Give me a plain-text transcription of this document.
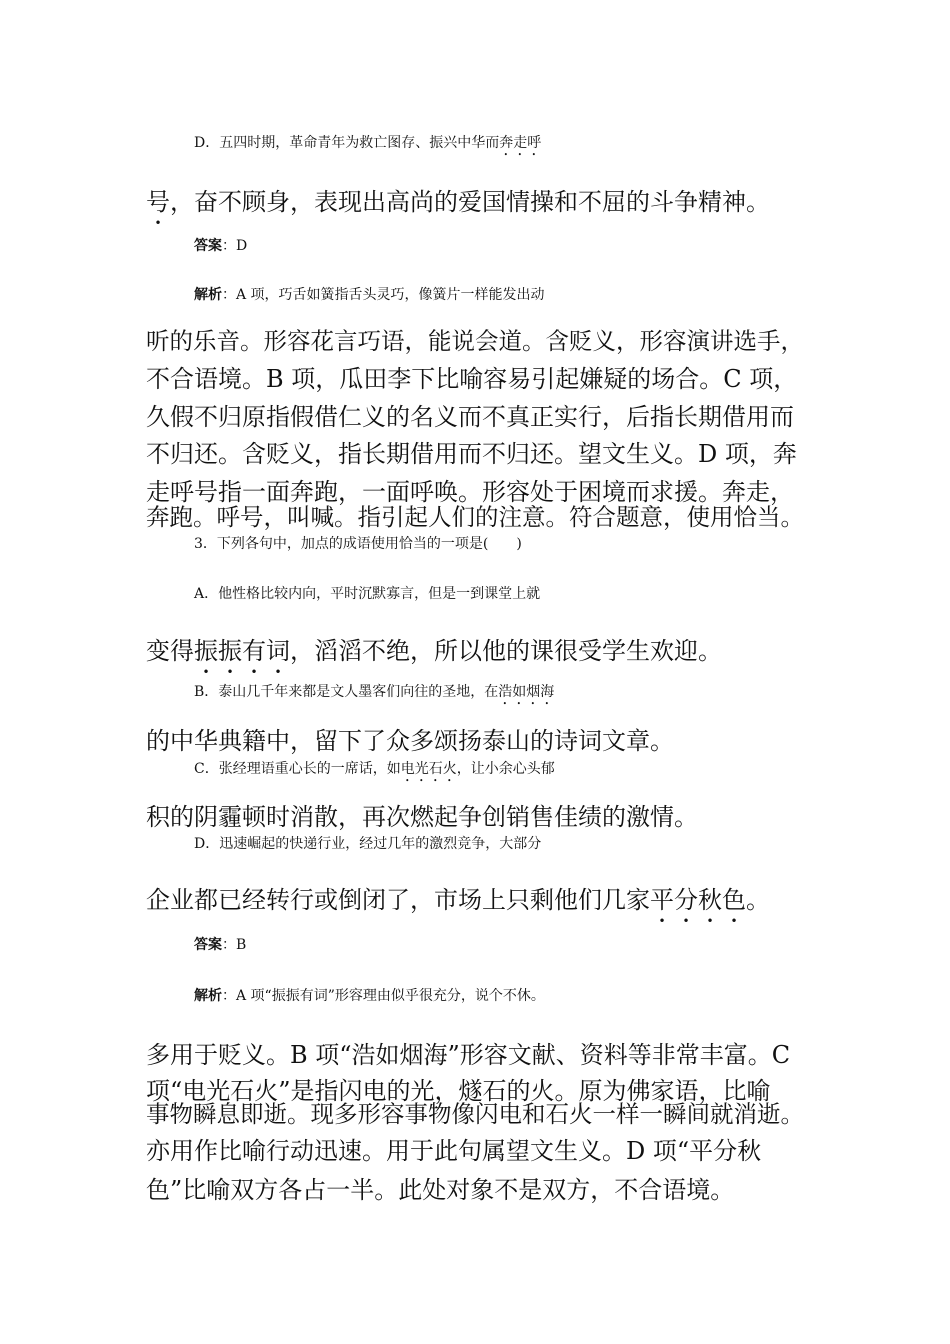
D．五四时期，革命青年为救亡图存、振兴中华而奔走呼

号，奋不顾身，表现出高尚的爱国情操和不屈的斗争精神。

答案：D

解析：A 项，巧舌如簧指舌头灵巧，像簧片一样能发出动

听的乐音。形容花言巧语，能说会道。含贬义，形容演讲选手，

不合语境。B 项，瓜田李下比喻容易引起嫌疑的场合。C 项，

久假不归原指假借仁义的名义而不真正实行，后指长期借用而

不归还。含贬义，指长期借用而不归还。望文生义。D 项，奔

走呼号指一面奔跑，一面呼唤。形容处于困境而求援。奔走，

奔跑。呼号，叫喊。指引起人们的注意。符合题意，使用恰当。

3．下列各句中，加点的成语使用恰当的一项是(　　)

A．他性格比较内向，平时沉默寡言，但是一到课堂上就

变得振振有词，滔滔不绝，所以他的课很受学生欢迎。

B．泰山几千年来都是文人墨客们向往的圣地，在浩如烟海

的中华典籍中，留下了众多颂扬泰山的诗词文章。

C．张经理语重心长的一席话，如电光石火，让小余心头郁

积的阴霾顿时消散，再次燃起争创销售佳绩的激情。

D．迅速崛起的快递行业，经过几年的激烈竞争，大部分

企业都已经转行或倒闭了，市场上只剩他们几家平分秋色。

答案：B

解析：A 项“振振有词”形容理由似乎很充分，说个不休。

多用于贬义。B 项“浩如烟海”形容文献、资料等非常丰富。C

项“电光石火”是指闪电的光，燧石的火。原为佛家语，比喻

事物瞬息即逝。现多形容事物像闪电和石火一样一瞬间就消逝。

亦用作比喻行动迅速。用于此句属望文生义。D 项“平分秋

色”比喻双方各占一半。此处对象不是双方，不合语境。
